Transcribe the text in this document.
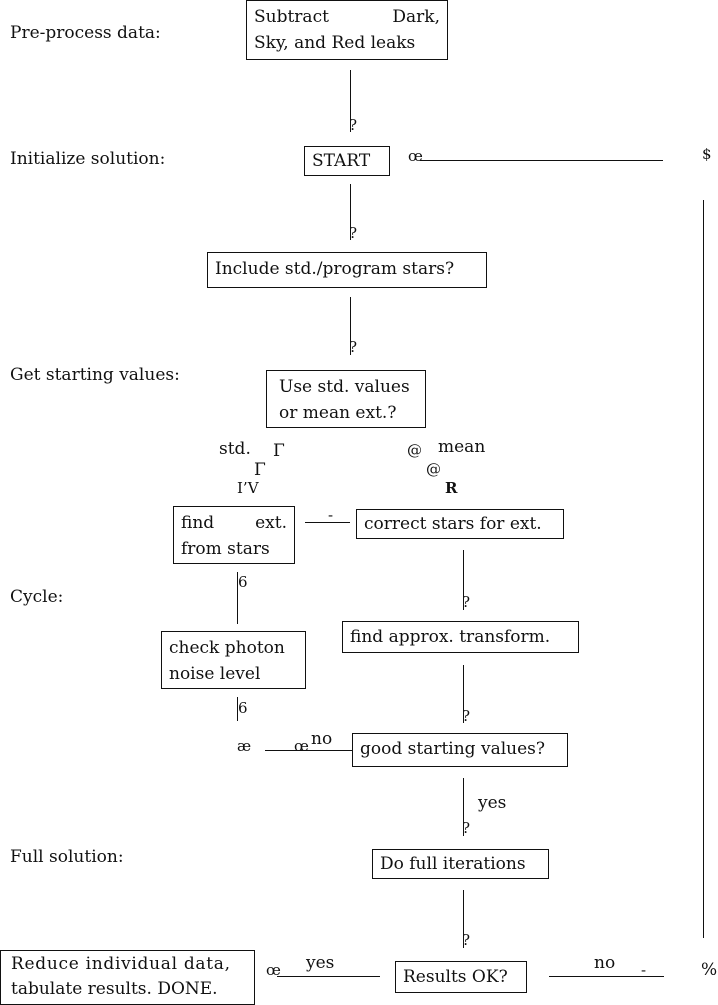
Pre-process data:
Initialize solution:
Get starting values:
Cycle:
Full solution:
Subtract	Dark,
Sky, and Red leaks
?
START	œ	$
?
Include std./program stars?
?
Use std. values
or mean ext.?
std. Γ
Γ
I’V
@ mean
@
R
find ext.
from stars
-	correct stars for ext.
6
?
check photon
noise level
find approx. transform.
6	?
æ	œ no	good starting values?
yes
?
Do full iterations
?
Reduce individual data,
tabulate results. DONE.
œ yes
Results OK?
no -	%
